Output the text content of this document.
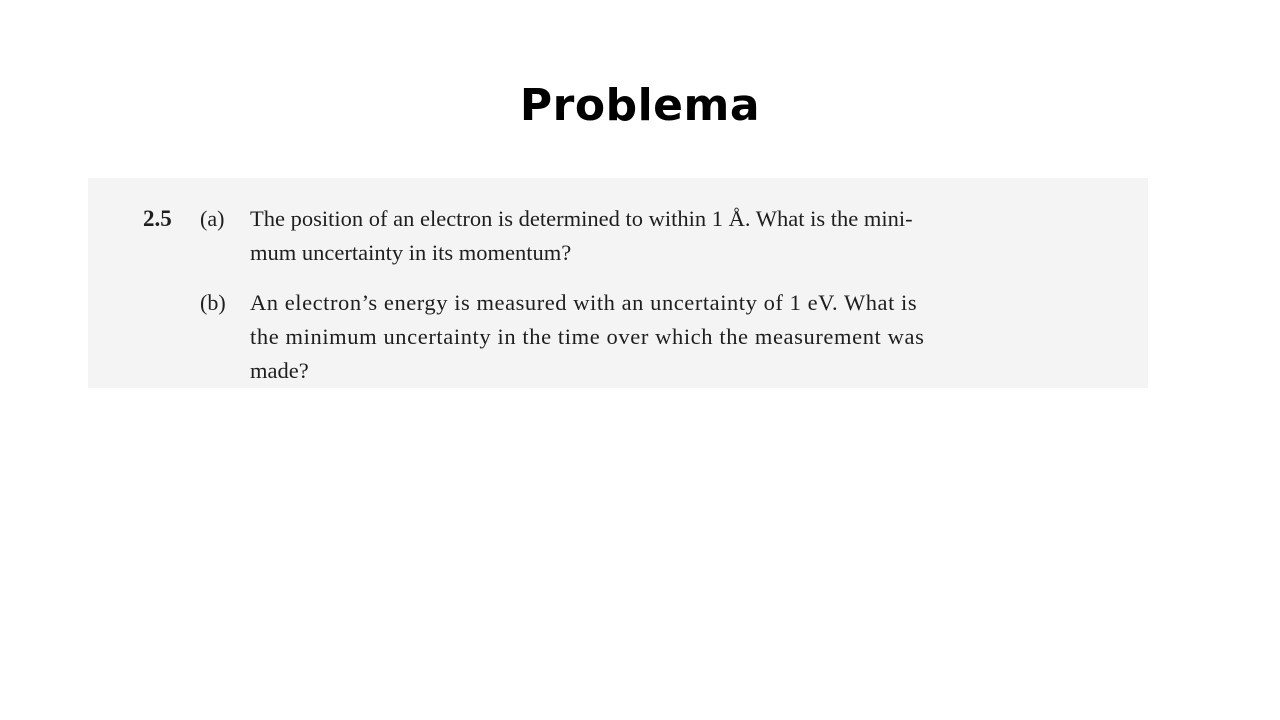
Problema
2.5 (a) The position of an electron is determined to within 1 Å. What is the mini-
mum uncertainty in its momentum?
(b) An electron’s energy is measured with an uncertainty of 1 eV. What is
the minimum uncertainty in the time over which the measurement was
made?
